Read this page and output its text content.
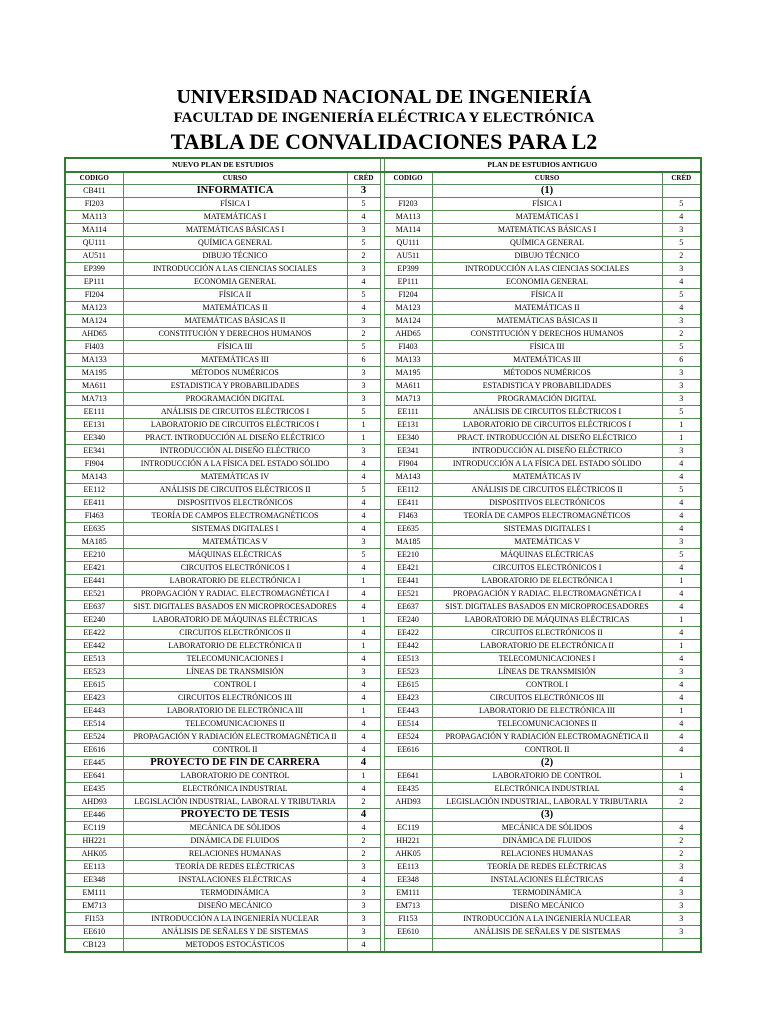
UNIVERSIDAD NACIONAL DE INGENIERÍA
FACULTAD DE INGENIERÍA ELÉCTRICA Y ELECTRÓNICA
TABLA DE CONVALIDACIONES PARA L2
NUEVO PLAN DE ESTUDIOS				PLAN DE ESTUDIOS ANTIGUO		
CODIGO	CURSO	CRÉD		CODIGO	CURSO	CRÉD
CB411	INFORMATICA	3			(1)	
FI203	FÍSICA I	5		FI203	FÍSICA I	5
MA113	MATEMÁTICAS I	4		MA113	MATEMÁTICAS I	4
MA114	MATEMÁTICAS BÁSICAS I	3		MA114	MATEMÁTICAS BÁSICAS I	3
QU111	QUÍMICA GENERAL	5		QU111	QUÍMICA GENERAL	5
AU511	DIBUJO TÉCNICO	2		AU511	DIBUJO TÉCNICO	2
EP399	INTRODUCCIÓN A LAS CIENCIAS SOCIALES	3		EP399	INTRODUCCIÓN A LAS CIENCIAS SOCIALES	3
EP111	ECONOMIA GENERAL	4		EP111	ECONOMIA GENERAL	4
FI204	FÍSICA II	5		FI204	FÍSICA II	5
MA123	MATEMÁTICAS II	4		MA123	MATEMÁTICAS II	4
MA124	MATEMÁTICAS BÁSICAS II	3		MA124	MATEMÁTICAS BÁSICAS II	3
AHD65	CONSTITUCIÓN Y DERECHOS HUMANOS	2		AHD65	CONSTITUCIÓN Y DERECHOS HUMANOS	2
FI403	FÍSICA III	5		FI403	FÍSICA III	5
MA133	MATEMÁTICAS III	6		MA133	MATEMÁTICAS III	6
MA195	MÉTODOS NUMÉRICOS	3		MA195	MÉTODOS NUMÉRICOS	3
MA611	ESTADISTICA Y PROBABILIDADES	3		MA611	ESTADISTICA Y PROBABILIDADES	3
MA713	PROGRAMACIÓN DIGITAL	3		MA713	PROGRAMACIÓN DIGITAL	3
EE111	ANÁLISIS DE CIRCUITOS ELÉCTRICOS I	5		EE111	ANÁLISIS DE CIRCUITOS ELÉCTRICOS I	5
EE131	LABORATORIO DE CIRCUITOS ELÉCTRICOS I	1		EE131	LABORATORIO DE CIRCUITOS ELÉCTRICOS I	1
EE340	PRACT. INTRODUCCIÓN AL DISEÑO ELÉCTRICO	1		EE340	PRACT. INTRODUCCIÓN AL DISEÑO ELÉCTRICO	1
EE341	INTRODUCCIÓN AL DISEÑO ELÉCTRICO	3		EE341	INTRODUCCIÓN AL DISEÑO ELÉCTRICO	3
FI904	INTRODUCCIÓN A LA FÍSICA DEL ESTADO SÓLIDO	4		FI904	INTRODUCCIÓN A LA FÍSICA DEL ESTADO SÓLIDO	4
MA143	MATEMÁTICAS IV	4		MA143	MATEMÁTICAS IV	4
EE112	ANÁLISIS DE CIRCUITOS ELÉCTRICOS II	5		EE112	ANÁLISIS DE CIRCUITOS ELÉCTRICOS II	5
EE411	DISPOSITIVOS ELECTRÓNICOS	4		EE411	DISPOSITIVOS ELECTRÓNICOS	4
FI463	TEORÍA DE CAMPOS ELECTROMAGNÉTICOS	4		FI463	TEORÍA DE CAMPOS ELECTROMAGNÉTICOS	4
EE635	SISTEMAS DIGITALES I	4		EE635	SISTEMAS DIGITALES I	4
MA185	MATEMÁTICAS V	3		MA185	MATEMÁTICAS V	3
EE210	MÁQUINAS ELÉCTRICAS	5		EE210	MÁQUINAS ELÉCTRICAS	5
EE421	CIRCUITOS ELECTRÓNICOS I	4		EE421	CIRCUITOS ELECTRÓNICOS I	4
EE441	LABORATORIO DE ELECTRÓNICA I	1		EE441	LABORATORIO DE ELECTRÓNICA I	1
EE521	PROPAGACIÓN Y RADIAC. ELECTROMAGNÉTICA I	4		EE521	PROPAGACIÓN Y RADIAC. ELECTROMAGNÉTICA I	4
EE637	SIST. DIGITALES BASADOS EN MICROPROCESADORES	4		EE637	SIST. DIGITALES BASADOS EN MICROPROCESADORES	4
EE240	LABORATORIO DE MÁQUINAS ELÉCTRICAS	1		EE240	LABORATORIO DE MÁQUINAS ELÉCTRICAS	1
EE422	CIRCUITOS ELECTRÓNICOS II	4		EE422	CIRCUITOS ELECTRÓNICOS II	4
EE442	LABORATORIO DE ELECTRÓNICA II	1		EE442	LABORATORIO DE ELECTRÓNICA II	1
EE513	TELECOMUNICACIONES I	4		EE513	TELECOMUNICACIONES I	4
EE523	LÍNEAS DE TRANSMISIÓN	3		EE523	LÍNEAS DE TRANSMISIÓN	3
EE615	CONTROL I	4		EE615	CONTROL I	4
EE423	CIRCUITOS ELECTRÓNICOS III	4		EE423	CIRCUITOS ELECTRÓNICOS III	4
EE443	LABORATORIO DE ELECTRÓNICA III	1		EE443	LABORATORIO DE ELECTRÓNICA III	1
EE514	TELECOMUNICACIONES II	4		EE514	TELECOMUNICACIONES II	4
EE524	PROPAGACIÓN Y RADIACIÓN ELECTROMAGNÉTICA II	4		EE524	PROPAGACIÓN Y RADIACIÓN ELECTROMAGNÉTICA II	4
EE616	CONTROL II	4		EE616	CONTROL II	4
EE445	PROYECTO DE FIN DE CARRERA	4			(2)	
EE641	LABORATORIO DE CONTROL	1		EE641	LABORATORIO DE CONTROL	1
EE435	ELECTRÓNICA INDUSTRIAL	4		EE435	ELECTRÓNICA INDUSTRIAL	4
AHD93	LEGISLACIÓN INDUSTRIAL, LABORAL Y TRIBUTARIA	2		AHD93	LEGISLACIÓN INDUSTRIAL, LABORAL Y TRIBUTARIA	2
EE446	PROYECTO DE TESIS	4			(3)	
EC119	MECÁNICA DE SÓLIDOS	4		EC119	MECÁNICA DE SÓLIDOS	4
HH221	DINÁMICA DE FLUIDOS	2		HH221	DINÁMICA DE FLUIDOS	2
AHK05	RELACIONES HUMANAS	2		AHK05	RELACIONES HUMANAS	2
EE113	TEORÍA DE REDES ELÉCTRICAS	3		EE113	TEORÍA DE REDES ELÉCTRICAS	3
EE348	INSTALACIONES ELÉCTRICAS	4		EE348	INSTALACIONES ELÉCTRICAS	4
EM111	TERMODINÁMICA	3		EM111	TERMODINÁMICA	3
EM713	DISEÑO MECÁNICO	3		EM713	DISEÑO MECÁNICO	3
FI153	INTRODUCCIÓN A LA INGENIERÍA NUCLEAR	3		FI153	INTRODUCCIÓN A LA INGENIERÍA NUCLEAR	3
EE610	ANÁLISIS DE SEÑALES Y DE SISTEMAS	3		EE610	ANÁLISIS DE SEÑALES Y DE SISTEMAS	3
CB123	METODOS ESTOCÁSTICOS	4				
